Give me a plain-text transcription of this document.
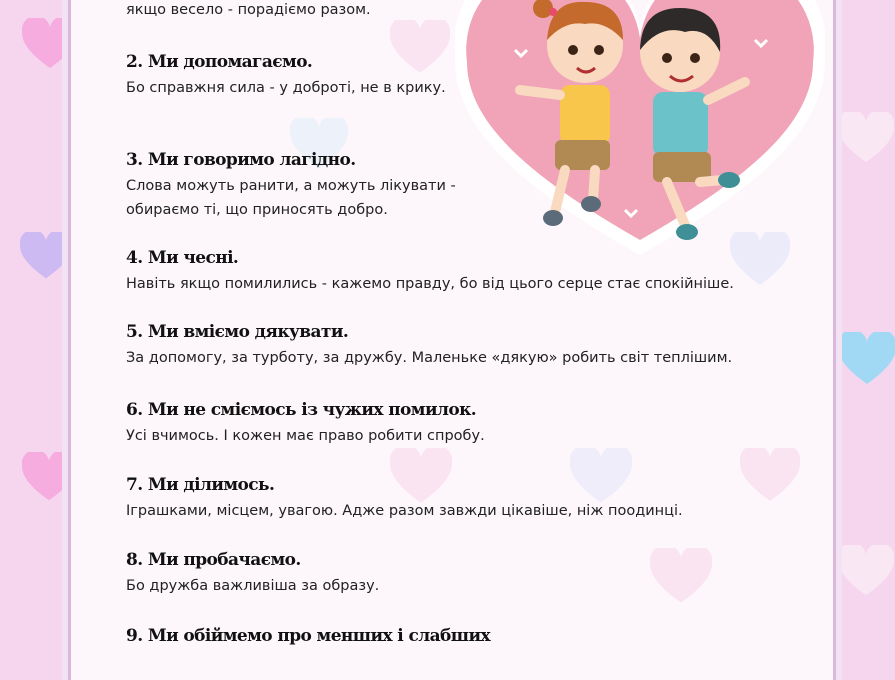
якщо весело - порадіємо разом.
2. Ми допомагаємо.
Бо справжня сила - у доброті, не в крику.
3. Ми говоримо лагідно.
Слова можуть ранити, а можуть лікувати - обираємо ті, що приносять добро.
4. Ми чесні.
Навіть якщо помилились - кажемо правду, бо від цього серце стає спокійніше.
5. Ми вміємо дякувати.
За допомогу, за турботу, за дружбу. Маленьке «дякую» робить світ теплішим.
6. Ми не сміємось із чужих помилок.
Усі вчимось. І кожен має право робити спробу.
7. Ми ділимось.
Іграшками, місцем, увагою. Адже разом завжди цікавіше, ніж поодинці.
8. Ми пробачаємо.
Бо дружба важливіша за образу.
9. Ми обіймемо про менших і слабших
